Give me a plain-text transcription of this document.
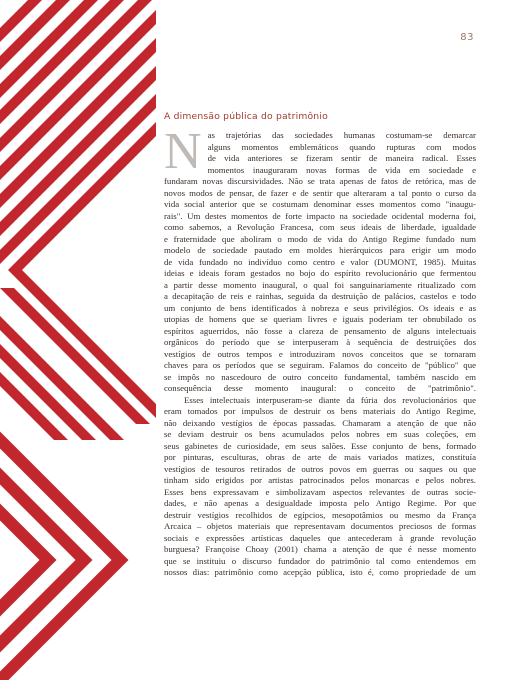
83
A dimensão pública do patrimônio

N as trajetórias das sociedades humanas costumam-se demarcar
alguns momentos emblemáticos quando rupturas com modos
de vida anteriores se fizeram sentir de maneira radical. Esses
momentos inauguraram novas formas de vida em sociedade e
fundaram novas discursividades. Não se trata apenas de fatos de retórica, mas de
novos modos de pensar, de fazer e de sentir que alteraram a tal ponto o curso da
vida social anterior que se costumam denominar esses momentos como "inaugu-
rais". Um destes momentos de forte impacto na sociedade ocidental moderna foi,
como sabemos, a Revolução Francesa, com seus ideais de liberdade, igualdade
e fraternidade que aboliram o modo de vida do Antigo Regime fundado num
modelo de sociedade pautado em moldes hierárquicos para erigir um modo
de vida fundado no indivíduo como centro e valor (DUMONT, 1985). Muitas
ideias e ideais foram gestados no bojo do espírito revolucionário que fermentou
a partir desse momento inaugural, o qual foi sanguinariamente ritualizado com
a decapitação de reis e rainhas, seguida da destruição de palácios, castelos e todo
um conjunto de bens identificados à nobreza e seus privilégios. Os ideais e as
utopias de homens que se queriam livres e iguais poderiam ter obnubilado os
espíritos aguerridos, não fosse a clareza de pensamento de alguns intelectuais
orgânicos do período que se interpuseram à sequência de destruições dos
vestígios de outros tempos e introduziram novos conceitos que se tornaram
chaves para os períodos que se seguiram. Falamos do conceito de "público" que
se impôs no nascedouro de outro conceito fundamental, também nascido em
consequência desse momento inaugural: o conceito de "patrimônio".

Esses intelectuais interpuseram-se diante da fúria dos revolucionários que
eram tomados por impulsos de destruir os bens materiais do Antigo Regime,
não deixando vestígios de épocas passadas. Chamaram a atenção de que não
se deviam destruir os bens acumulados pelos nobres em suas coleções, em
seus gabinetes de curiosidade, em seus salões. Esse conjunto de bens, formado
por pinturas, esculturas, obras de arte de mais variados matizes, constituía
vestígios de tesouros retirados de outros povos em guerras ou saques ou que
tinham sido erigidos por artistas patrocinados pelos monarcas e pelos nobres.
Esses bens expressavam e simbolizavam aspectos relevantes de outras socie-
dades, e não apenas a desigualdade imposta pelo Antigo Regime. Por que
destruir vestígios recolhidos de egípcios, mesopotâmios ou mesmo da França
Arcaica – objetos materiais que representavam documentos preciosos de formas
sociais e expressões artísticas daqueles que antecederam à grande revolução
burguesa? Françoise Choay (2001) chama a atenção de que é nesse momento
que se instituiu o discurso fundador do patrimônio tal como entendemos em
nossos dias: patrimônio como acepção pública, isto é, como propriedade de um
